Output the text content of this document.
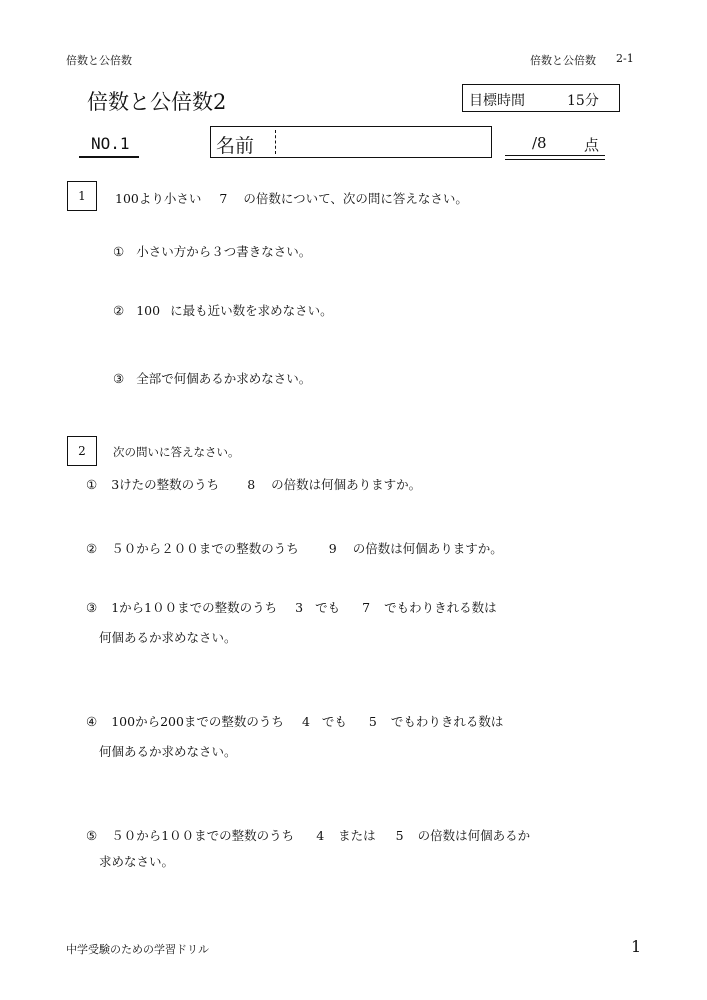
倍数と公倍数	倍数と公倍数 2-1
倍数と公倍数2	目標時間	15分
NO.1	名前	/8 点
1	100より小さい 7 の倍数について、次の問に答えなさい。
① 小さい方から３つ書きなさい。
② 100 に最も近い数を求めなさい。
③ 全部で何個あるか求めなさい。
2	次の問いに答えなさい。
① 3けたの整数のうち 8 の倍数は何個ありますか。
② ５０から２００までの整数のうち 9 の倍数は何個ありますか。
③ 1から1００までの整数のうち 3 でも 7 でもわりきれる数は
何個あるか求めなさい。
④ 100から200までの整数のうち 4 でも 5 でもわりきれる数は
何個あるか求めなさい。
⑤ ５０から1００までの整数のうち 4 または 5 の倍数は何個あるか
求めなさい。
中学受験のための学習ドリル	1
